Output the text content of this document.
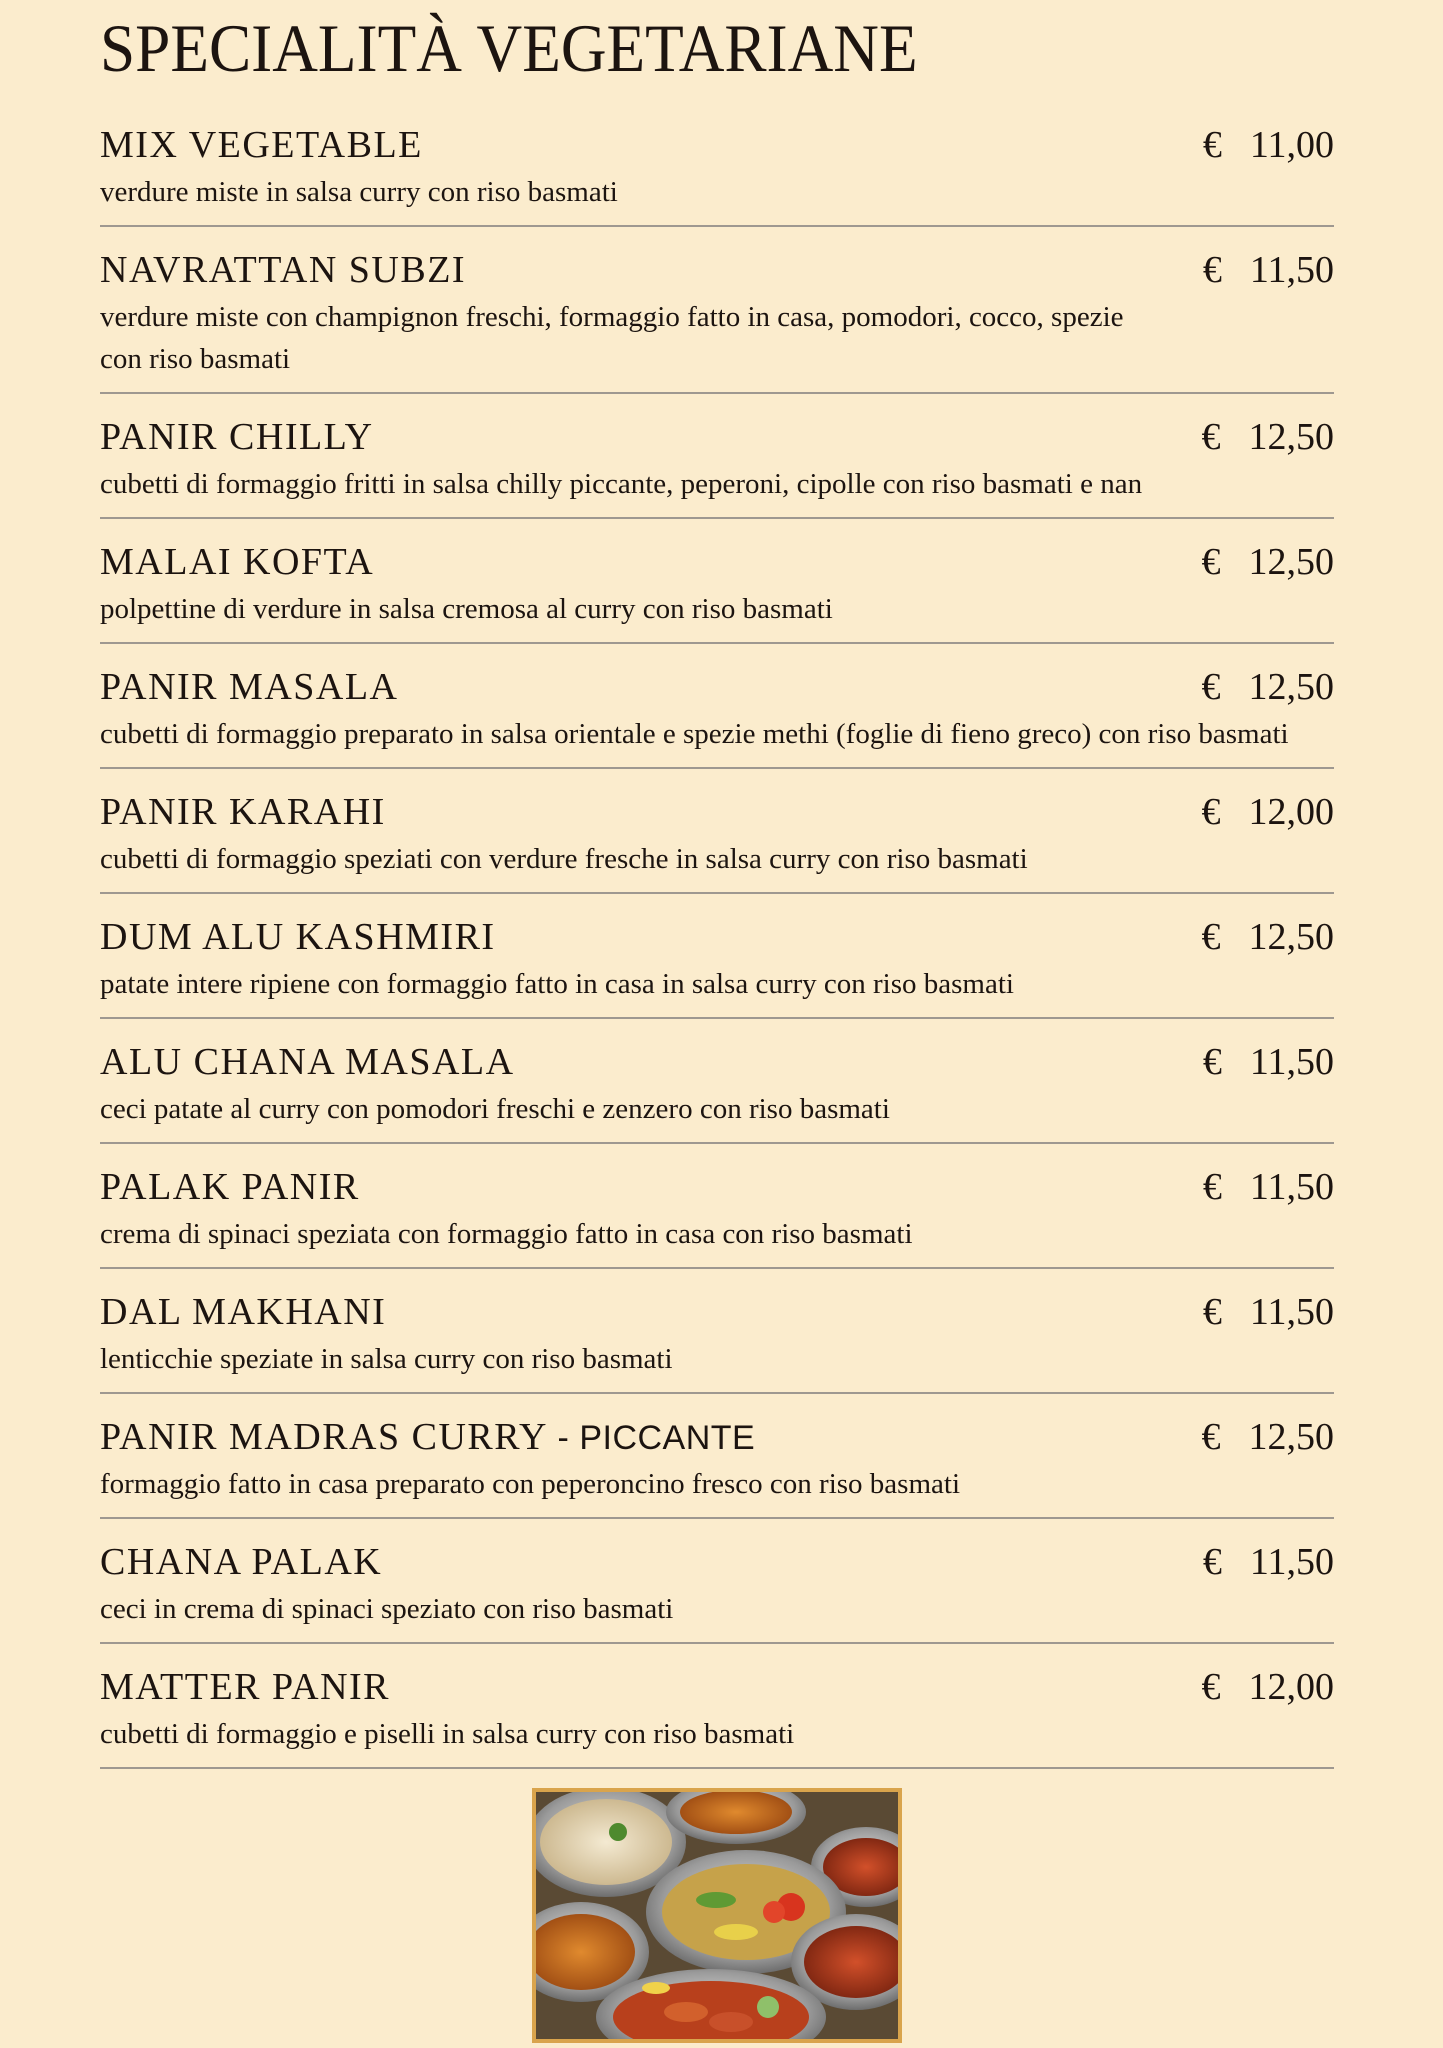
SPECIALITÀ VEGETARIANE
MIX VEGETABLE	€ 11,00
verdure miste in salsa curry con riso basmati
NAVRATTAN SUBZI	€ 11,50
verdure miste con champignon freschi, formaggio fatto in casa, pomodori, cocco, spezie con riso basmati
PANIR CHILLY	€ 12,50
cubetti di formaggio fritti in salsa chilly piccante, peperoni, cipolle con riso basmati e nan
MALAI KOFTA	€ 12,50
polpettine di verdure in salsa cremosa al curry con riso basmati
PANIR MASALA	€ 12,50
cubetti di formaggio preparato in salsa orientale e spezie methi (foglie di fieno greco) con riso basmati
PANIR KARAHI	€ 12,00
cubetti di formaggio speziati con verdure fresche in salsa curry con riso basmati
DUM ALU KASHMIRI	€ 12,50
patate intere ripiene con formaggio fatto in casa in salsa curry con riso basmati
ALU CHANA MASALA	€ 11,50
ceci patate al curry con pomodori freschi e zenzero con riso basmati
PALAK PANIR	€ 11,50
crema di spinaci speziata con formaggio fatto in casa con riso basmati
DAL MAKHANI	€ 11,50
lenticchie speziate in salsa curry con riso basmati
PANIR MADRAS CURRY - PICCANTE	€ 12,50
formaggio fatto in casa preparato con peperoncino fresco con riso basmati
CHANA PALAK	€ 11,50
ceci in crema di spinaci speziato con riso basmati
MATTER PANIR	€ 12,00
cubetti di formaggio e piselli in salsa curry con riso basmati
